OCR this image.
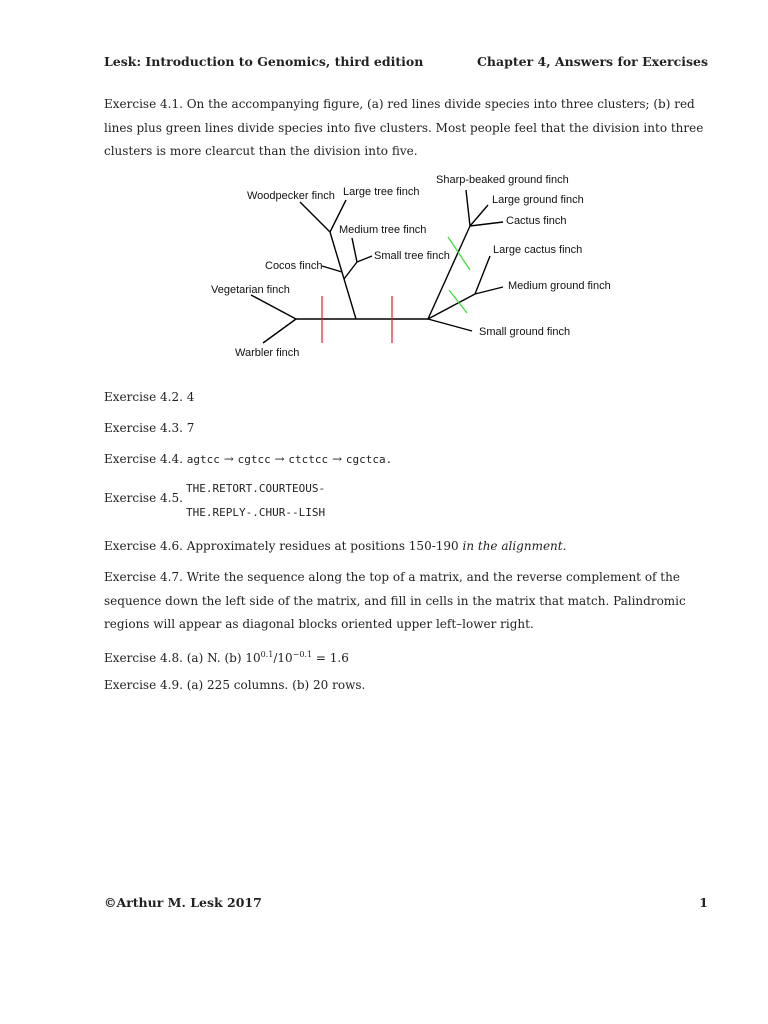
Lesk: Introduction to Genomics, third edition	Chapter 4, Answers for Exercises
Exercise 4.1. On the accompanying figure, (a) red lines divide species into three clusters; (b) red lines plus green lines divide species into five clusters. Most people feel that the division into three clusters is more clearcut than the division into five.
Woodpecker finch Large tree finch
Medium tree finch
Small tree finch
Cocos finch
Vegetarian finch
Warbler finch
Sharp-beaked ground finch
Large ground finch
Cactus finch
Large cactus finch
Medium ground finch
Small ground finch
Exercise 4.2. 4
Exercise 4.3. 7
Exercise 4.4. agtcc → cgtcc → ctctcc → cgctca.
Exercise 4.5.
THE.RETORT.COURTEOUS-
THE.REPLY-.CHUR--LISH
Exercise 4.6. Approximately residues at positions 150-190 in the alignment.
Exercise 4.7. Write the sequence along the top of a matrix, and the reverse complement of the sequence down the left side of the matrix, and fill in cells in the matrix that match. Palindromic regions will appear as diagonal blocks oriented upper left–lower right.
Exercise 4.8. (a) N. (b) $10^{0.1}/10^{-0.1} = 1.6$
Exercise 4.9. (a) 225 columns. (b) 20 rows.
©Arthur M. Lesk 2017	1
